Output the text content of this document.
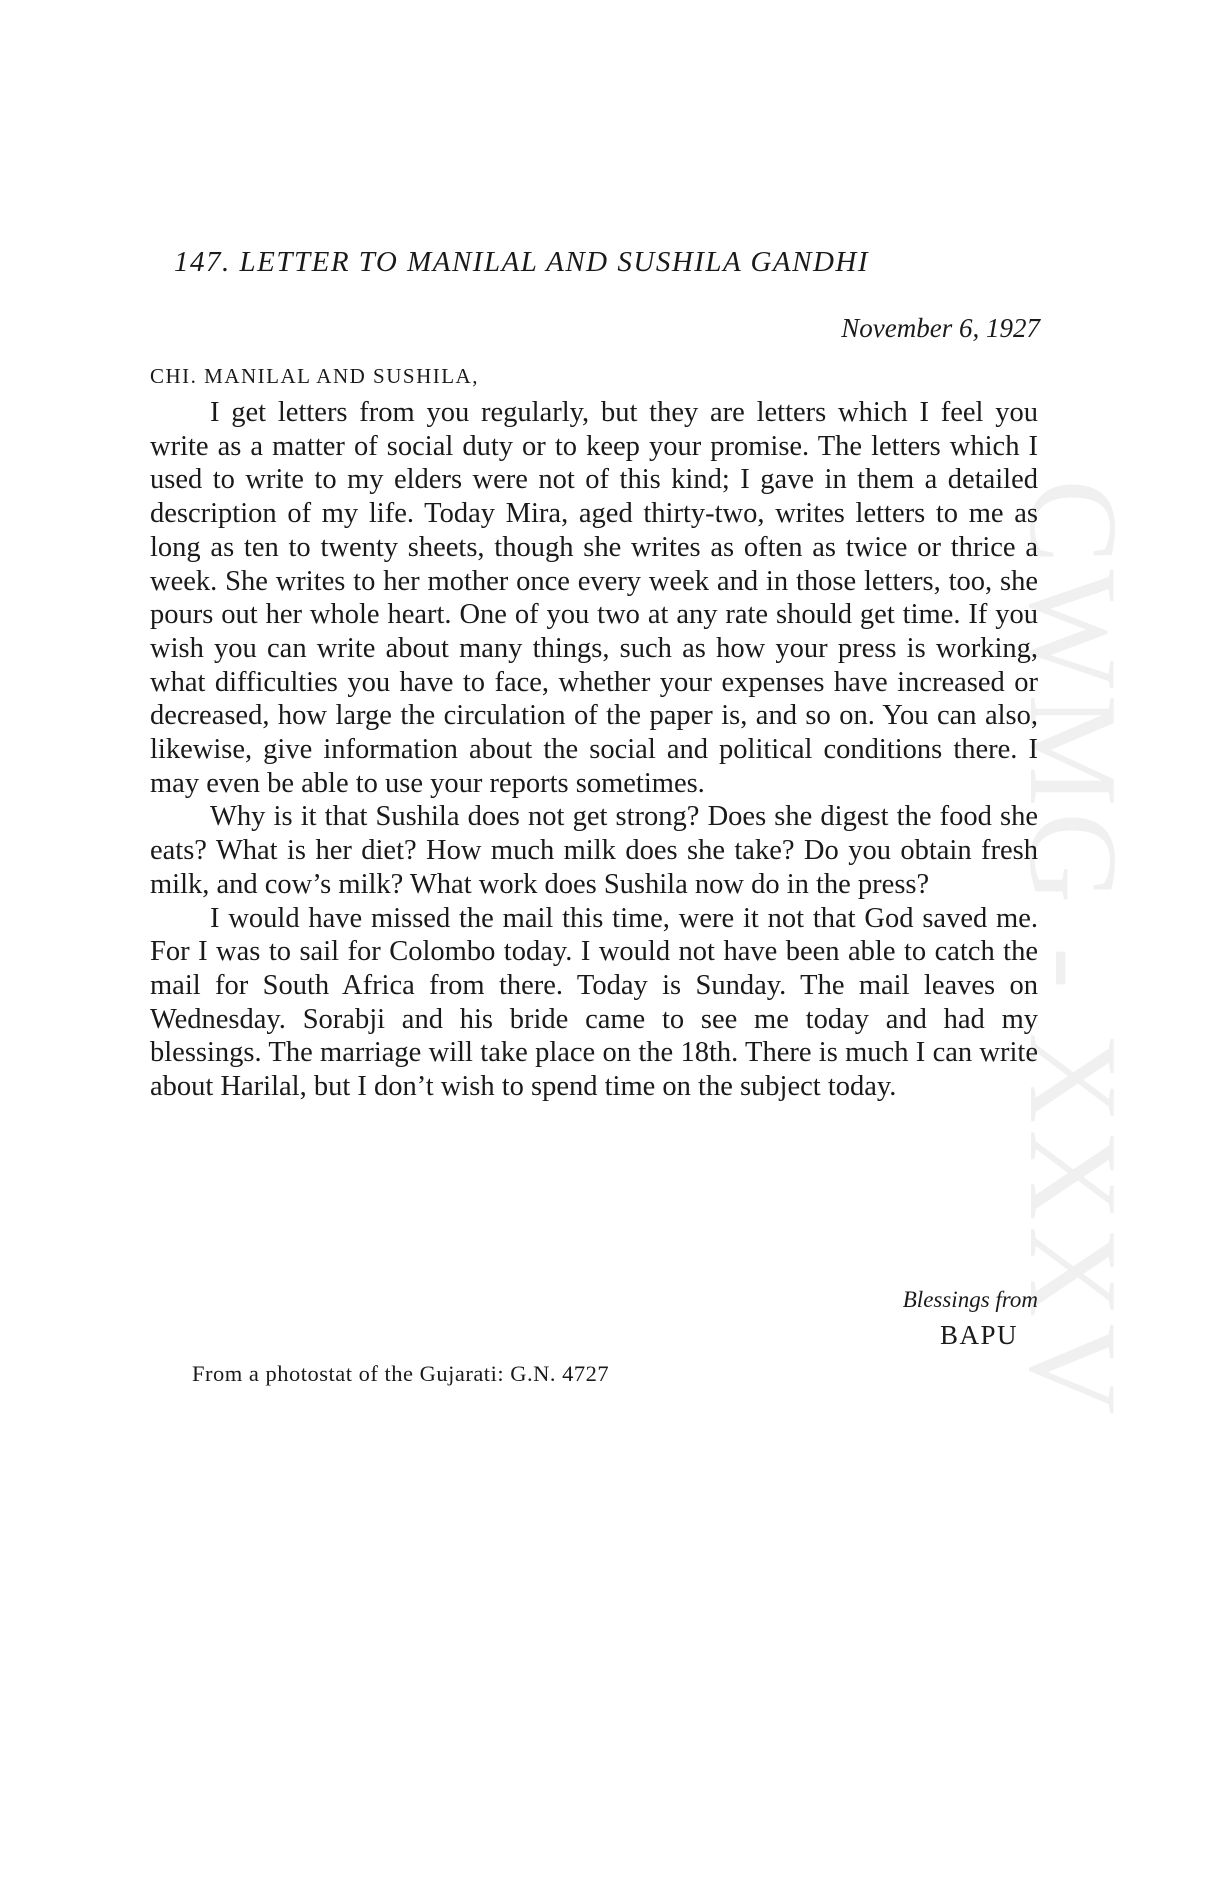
CWMG - XXXV
147. LETTER TO MANILAL AND SUSHILA GANDHI

November 6, 1927

CHI. MANILAL AND SUSHILA,

I get letters from you regularly, but they are letters which I feel you write as a matter of social duty or to keep your promise. The letters which I used to write to my elders were not of this kind; I gave in them a detailed description of my life. Today Mira, aged thirty-two, writes letters to me as long as ten to twenty sheets, though she writes as often as twice or thrice a week. She writes to her mother once every week and in those letters, too, she pours out her whole heart. One of you two at any rate should get time. If you wish you can write about many things, such as how your press is working, what difficulties you have to face, whether your expenses have increased or decreased, how large the circulation of the paper is, and so on. You can also, likewise, give information about the social and political conditions there. I may even be able to use your reports sometimes.

Why is it that Sushila does not get strong? Does she digest the food she eats? What is her diet? How much milk does she take? Do you obtain fresh milk, and cow’s milk? What work does Sushila now do in the press?

I would have missed the mail this time, were it not that God saved me. For I was to sail for Colombo today. I would not have been able to catch the mail for South Africa from there. Today is Sunday. The mail leaves on Wednesday. Sorabji and his bride came to see me today and had my blessings. The marriage will take place on the 18th. There is much I can write about Harilal, but I don’t wish to spend time on the subject today.

Blessings from
BAPU

From a photostat of the Gujarati: G.N. 4727
